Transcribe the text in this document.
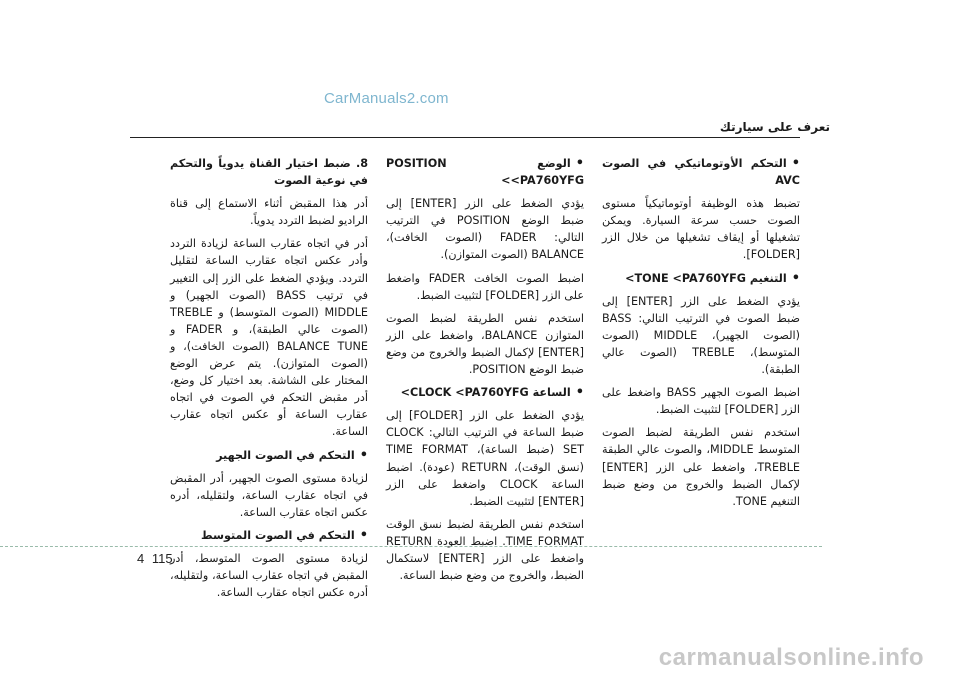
CarManuals2.com
تعرف على سيارتك

• التحكم الأوتوماتيكي في الصوت AVC

تضبط هذه الوظيفة أوتوماتيكياً مستوى الصوت حسب سرعة السيارة. ويمكن تشغيلها أو إيقاف تشغيلها من خلال الزر [FOLDER].

• التنغيم TONE <PA760YFG>

يؤدي الضغط على الزر [ENTER] إلى ضبط الصوت في الترتيب التالي: BASS (الصوت الجهير)، MIDDLE (الصوت المتوسط)، TREBLE (الصوت عالي الطبقة).

اضبط الصوت الجهير BASS واضغط على الزر [FOLDER] لتثبيت الضبط.

استخدم نفس الطريقة لضبط الصوت المتوسط MIDDLE، والصوت عالي الطبقة TREBLE، واضغط على الزر [ENTER] لإكمال الضبط والخروج من وضع ضبط التنغيم TONE.

• الوضع POSITION <PA760YFG>

يؤدي الضغط على الزر [ENTER] إلى ضبط الوضع POSITION في الترتيب التالي: FADER (الصوت الخافت)، BALANCE (الصوت المتوازن).

اضبط الصوت الخافت FADER واضغط على الزر [FOLDER] لتثبيت الضبط.

استخدم نفس الطريقة لضبط الصوت المتوازن BALANCE، واضغط على الزر [ENTER] لإكمال الضبط والخروج من وضع ضبط الوضع POSITION.

• الساعة CLOCK <PA760YFG>

يؤدي الضغط على الزر [FOLDER] إلى ضبط الساعة في الترتيب التالي: CLOCK SET (ضبط الساعة)، TIME FORMAT (نسق الوقت)، RETURN (عودة). اضبط الساعة CLOCK واضغط على الزر [ENTER] لتثبيت الضبط.

استخدم نفس الطريقة لضبط نسق الوقت TIME FORMAT. اضبط العودة RETURN واضغط على الزر [ENTER] لاستكمال الضبط، والخروج من وضع ضبط الساعة.

8. ضبط اختيار القناة يدوياً والتحكم في نوعية الصوت

أدر هذا المقبض أثناء الاستماع إلى قناة الراديو لضبط التردد يدوياً.

أدر في اتجاه عقارب الساعة لزيادة التردد وأدر عكس اتجاه عقارب الساعة لتقليل التردد. ويؤدي الضغط على الزر إلى التغيير في ترتيب BASS (الصوت الجهير) و MIDDLE (الصوت المتوسط) و TREBLE (الصوت عالي الطبقة)، و FADER و BALANCE TUNE (الصوت الخافت)، و (الصوت المتوازن). يتم عرض الوضع المختار على الشاشة. بعد اختيار كل وضع، أدر مقبض التحكم في الصوت في اتجاه عقارب الساعة أو عكس اتجاه عقارب الساعة.

• التحكم في الصوت الجهير

لزيادة مستوى الصوت الجهير، أدر المقبض في اتجاه عقارب الساعة، ولتقليله، أدره عكس اتجاه عقارب الساعة.

• التحكم في الصوت المتوسط

لزيادة مستوى الصوت المتوسط، أدر المقبض في اتجاه عقارب الساعة، ولتقليله، أدره عكس اتجاه عقارب الساعة.

4 115
carmanualsonline.info
